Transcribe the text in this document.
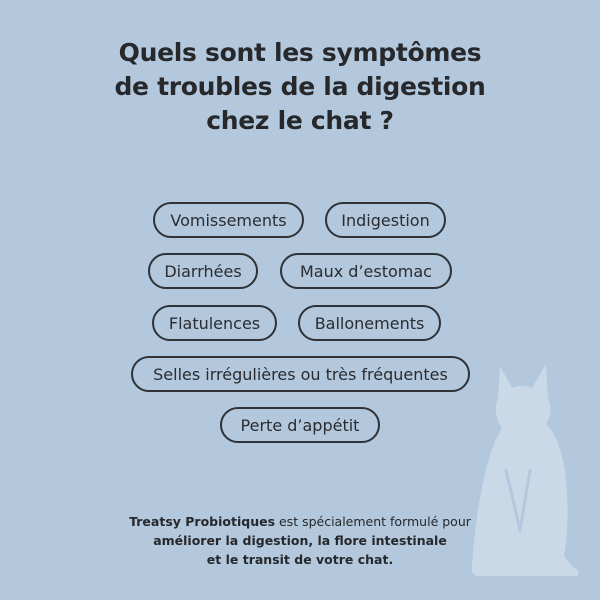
Quels sont les symptômes
de troubles de la digestion
chez le chat ?
Vomissements	Indigestion
Diarrhées	Maux d’estomac
Flatulences	Ballonements
Selles irrégulières ou très fréquentes
Perte d’appétit
Treatsy Probiotiques est spécialement formulé pour
améliorer la digestion, la flore intestinale
et le transit de votre chat.
